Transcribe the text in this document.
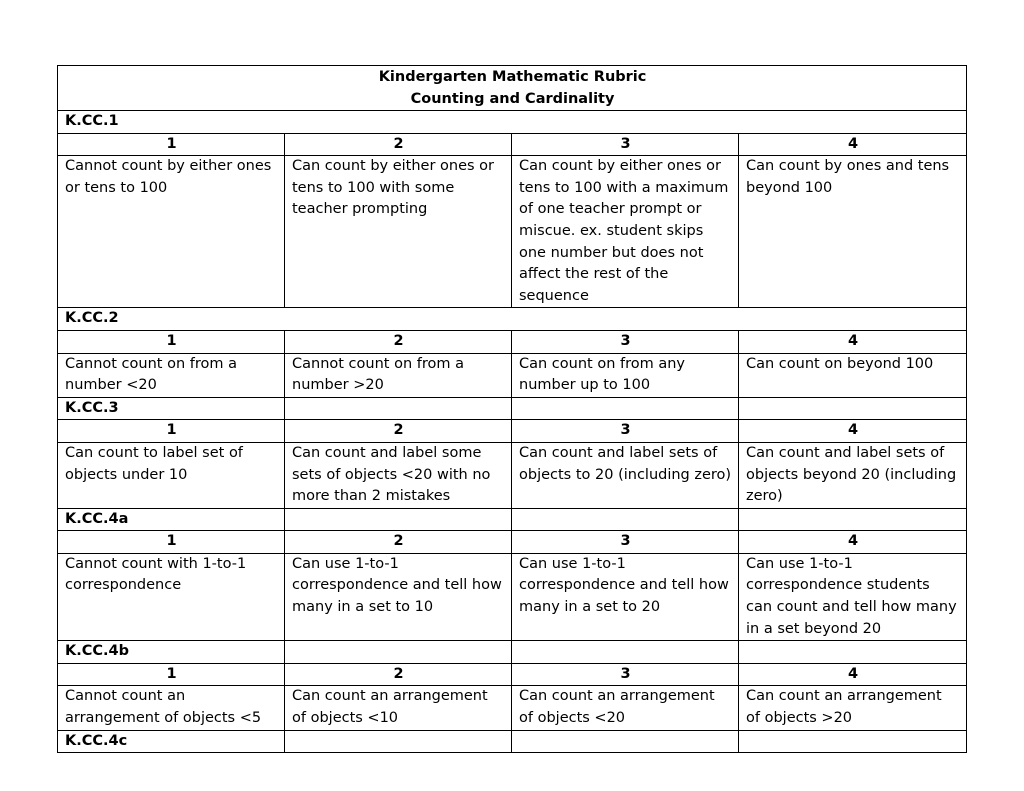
Kindergarten Mathematic Rubric
Counting and Cardinality			

K.CC.1			
1	2	3	4
Cannot count by either ones or tens to 100	Can count by either ones or tens to 100 with some teacher prompting	Can count by either ones or tens to 100 with a maximum of one teacher prompt or miscue. ex. student skips one number but does not affect the rest of the sequence	Can count by ones and tens beyond 100
K.CC.2			
1	2	3	4
Cannot count on from a number <20	Cannot count on from a number >20	Can count on from any number up to 100	Can count on beyond 100
K.CC.3			
1	2	3	4
Can count to label set of objects under 10	Can count and label some sets of objects <20 with no more than 2 mistakes	Can count and label sets of objects to 20 (including zero)	Can count and label sets of objects beyond 20 (including zero)
K.CC.4a			
1	2	3	4
Cannot count with 1-to-1 correspondence	Can use 1-to-1 correspondence and tell how many in a set to 10	Can use 1-to-1 correspondence and tell how many in a set to 20	Can use 1-to-1 correspondence students can count and tell how many in a set beyond 20
K.CC.4b			
1	2	3	4
Cannot count an arrangement of objects <5	Can count an arrangement of objects <10	Can count an arrangement of objects <20	Can count an arrangement of objects >20
K.CC.4c			
